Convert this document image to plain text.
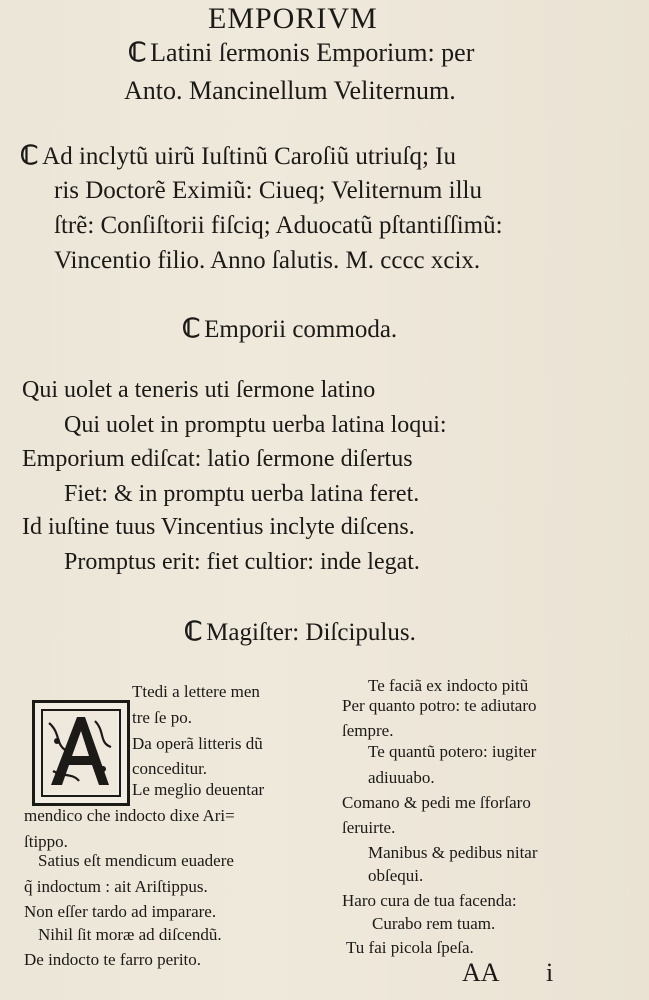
EMPORIVM
ℂ Latini ſermonis Emporium: per
Anto. Mancinellum Veliternum.
ℂ Ad inclytũ uirũ Iuſtinũ Caroſiũ utriuſq; Iu
ris Doctorẽ Eximiũ: Ciueq; Veliternum illu
ſtrẽ: Conſiſtorii fiſciq; Aduocatũ pſtantiſſimũ:
Vincentio filio. Anno ſalutis. M. cccc xcix.
ℂ Emporii commoda.
Qui uolet a teneris uti ſermone latino
Qui uolet in promptu uerba latina loqui:
Emporium ediſcat: latio ſermone diſertus
Fiet: & in promptu uerba latina feret.
Id iuſtine tuus Vincentius inclyte diſcens.
Promptus erit: fiet cultior: inde legat.
ℂ Magiſter: Diſcipulus.
Ttedi a lettere men
tre ſe po.
Da operã litteris dũ
conceditur.
Le meglio deuentar
mendico che indocto dixe Ari=
ſtippo.
Satius eſt mendicum euadere
q̃ indoctum : ait Ariſtippus.
Non eſſer tardo ad imparare.
Nihil ſit moræ ad diſcendũ.
De indocto te farro perito.
Te faciã ex indocto pitũ
Per quanto potro: te adiutaro
ſempre.
Te quantũ potero: iugiter
adiuuabo.
Comano & pedi me ſforſaro
ſeruirte.
Manibus & pedibus nitar
obſequi.
Haro cura de tua facenda:
Curabo rem tuam.
Tu fai picola ſpeſa.
AA i
